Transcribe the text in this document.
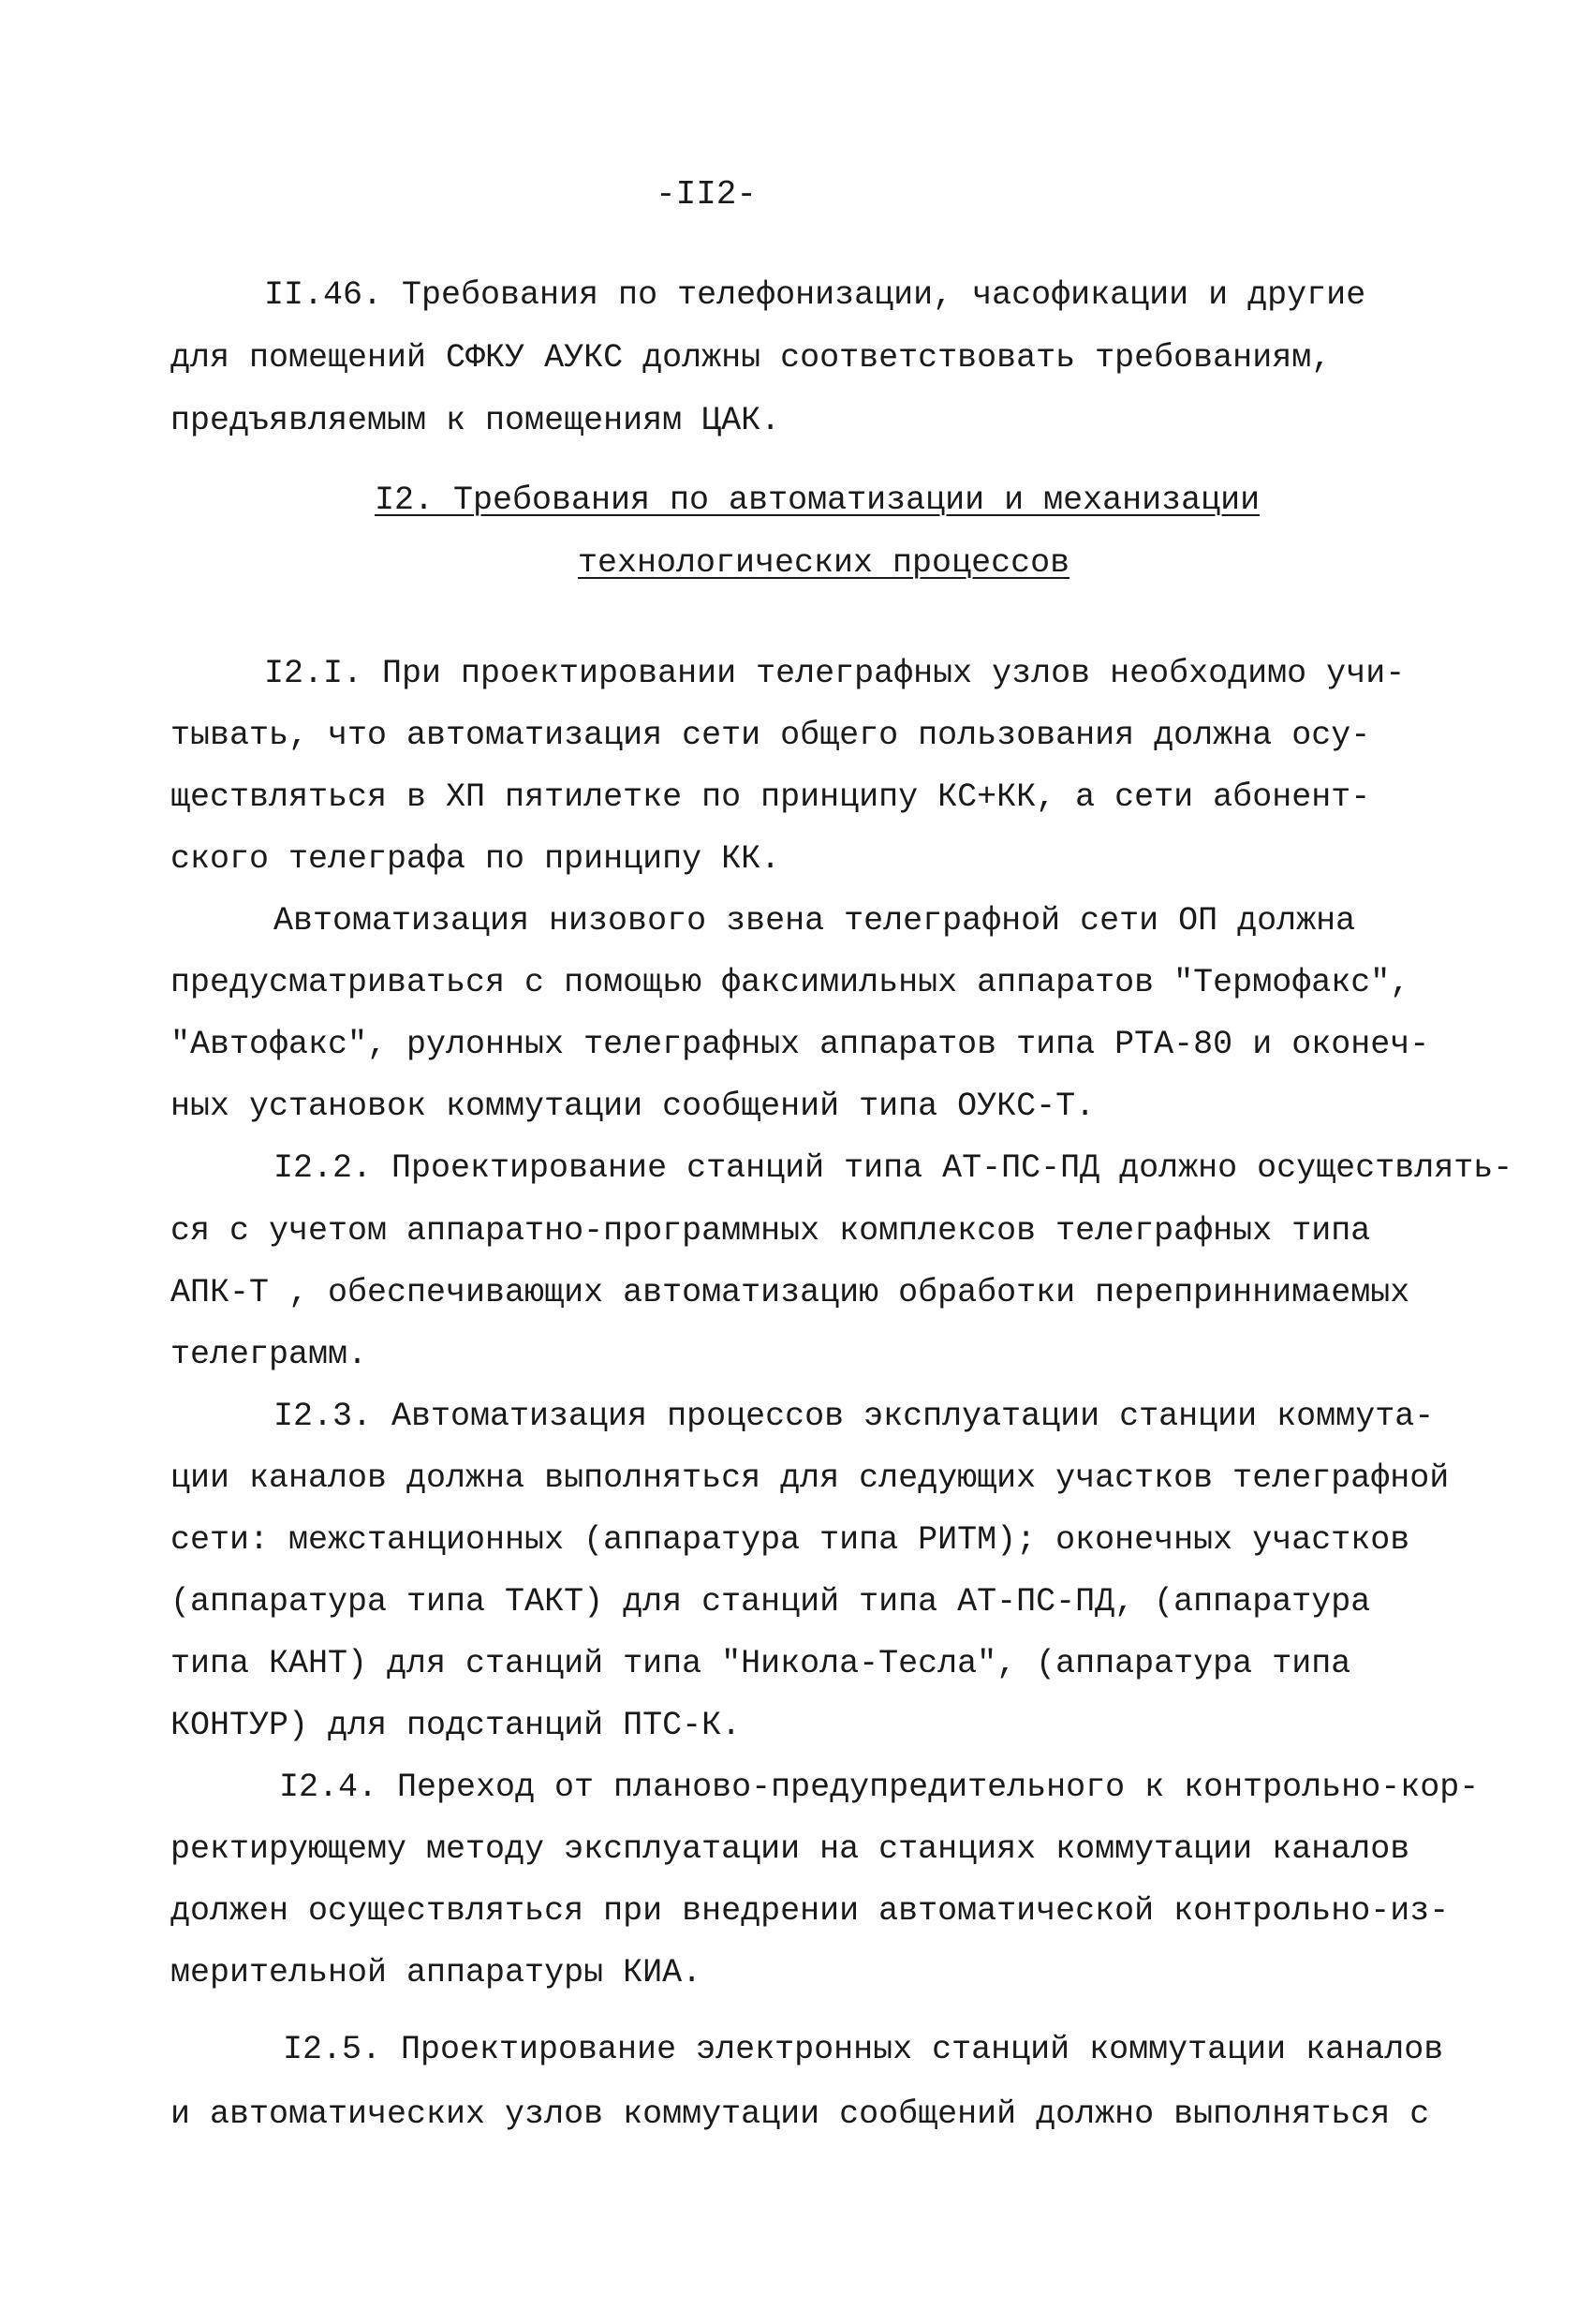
-II2-
II.46. Требования по телефонизации, часофикации и другие
для помещений СФКУ АУКС должны соответствовать требованиям,
предъявляемым к помещениям ЦАК.
I2. Требования по автоматизации и механизации
технологических процессов
I2.I. При проектировании телеграфных узлов необходимо учи-
тывать, что автоматизация сети общего пользования должна осу-
ществляться в XП пятилетке по принципу КС+КК, а сети абонент-
ского телеграфа по принципу КК.
Автоматизация низового звена телеграфной сети ОП должна
предусматриваться с помощью факсимильных аппаратов "Термофакс",
"Автофакс", рулонных телеграфных аппаратов типа РТА-80 и оконеч-
ных установок коммутации сообщений типа ОУКС-Т.
I2.2. Проектирование станций типа АТ-ПС-ПД должно осуществлять-
ся с учетом аппаратно-программных комплексов телеграфных типа
АПК-Т , обеспечивающих автоматизацию обработки переприннимаемых
телеграмм.
I2.3. Автоматизация процессов эксплуатации станции коммута-
ции каналов должна выполняться для следующих участков телеграфной
сети: межстанционных (аппаратура типа РИТМ); оконечных участков
(аппаратура типа ТАКТ) для станций типа АТ-ПС-ПД, (аппаратура
типа КАНТ) для станций типа "Никола-Тесла", (аппаратура типа
КОНТУР) для подстанций ПТС-К.
I2.4. Переход от планово-предупредительного к контрольно-кор-
ректирующему методу эксплуатации на станциях коммутации каналов
должен осуществляться при внедрении автоматической контрольно-из-
мерительной аппаратуры КИА.
I2.5. Проектирование электронных станций коммутации каналов
и автоматических узлов коммутации сообщений должно выполняться с
